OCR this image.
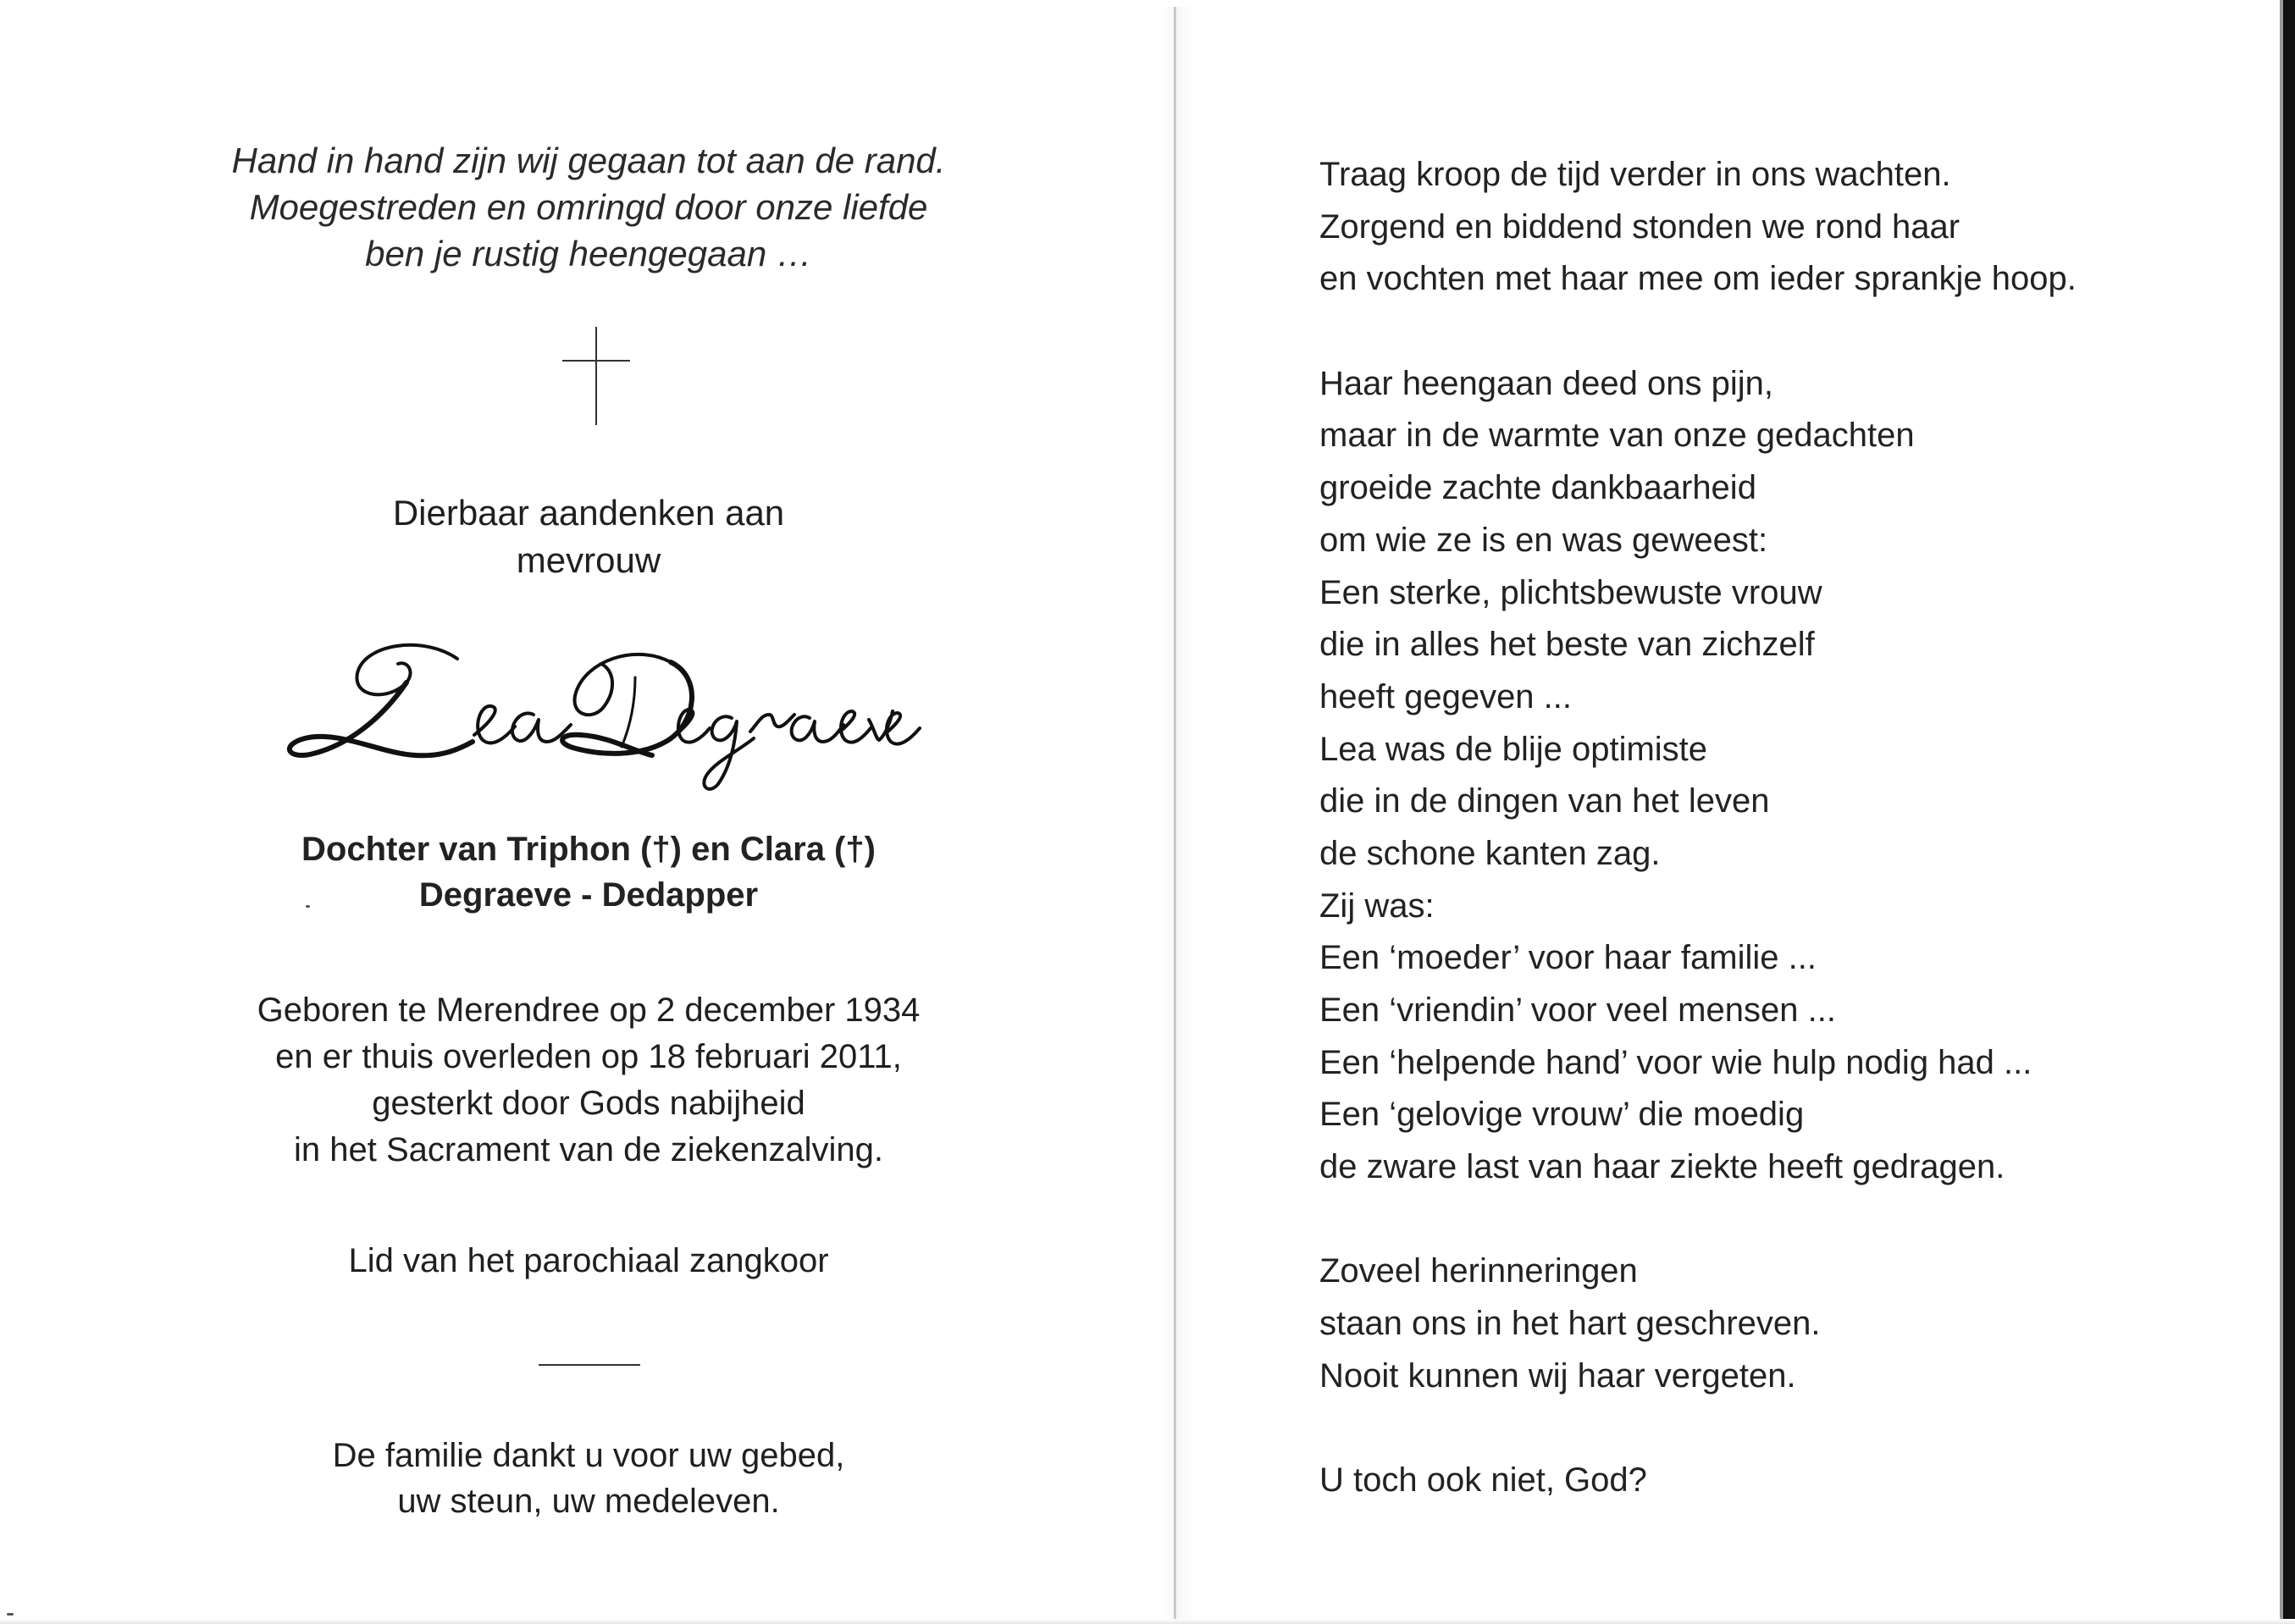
Hand in hand zijn wij gegaan tot aan de rand.
Moegestreden en omringd door onze liefde
ben je rustig heengegaan …
Dierbaar aandenken aan
mevrouw
Dochter van Triphon (†) en Clara (†)
Degraeve - Dedapper
Geboren te Merendree op 2 december 1934
en er thuis overleden op 18 februari 2011,
gesterkt door Gods nabijheid
in het Sacrament van de ziekenzalving.
Lid van het parochiaal zangkoor
De familie dankt u voor uw gebed,
uw steun, uw medeleven.
Traag kroop de tijd verder in ons wachten.
Zorgend en biddend stonden we rond haar
en vochten met haar mee om ieder sprankje hoop.
Haar heengaan deed ons pijn,
maar in de warmte van onze gedachten
groeide zachte dankbaarheid
om wie ze is en was geweest:
Een sterke, plichtsbewuste vrouw
die in alles het beste van zichzelf
heeft gegeven ...
Lea was de blije optimiste
die in de dingen van het leven
de schone kanten zag.
Zij was:
Een ‘moeder’ voor haar familie ...
Een ‘vriendin’ voor veel mensen ...
Een ‘helpende hand’ voor wie hulp nodig had ...
Een ‘gelovige vrouw’ die moedig
de zware last van haar ziekte heeft gedragen.
Zoveel herinneringen
staan ons in het hart geschreven.
Nooit kunnen wij haar vergeten.
U toch ook niet, God?
